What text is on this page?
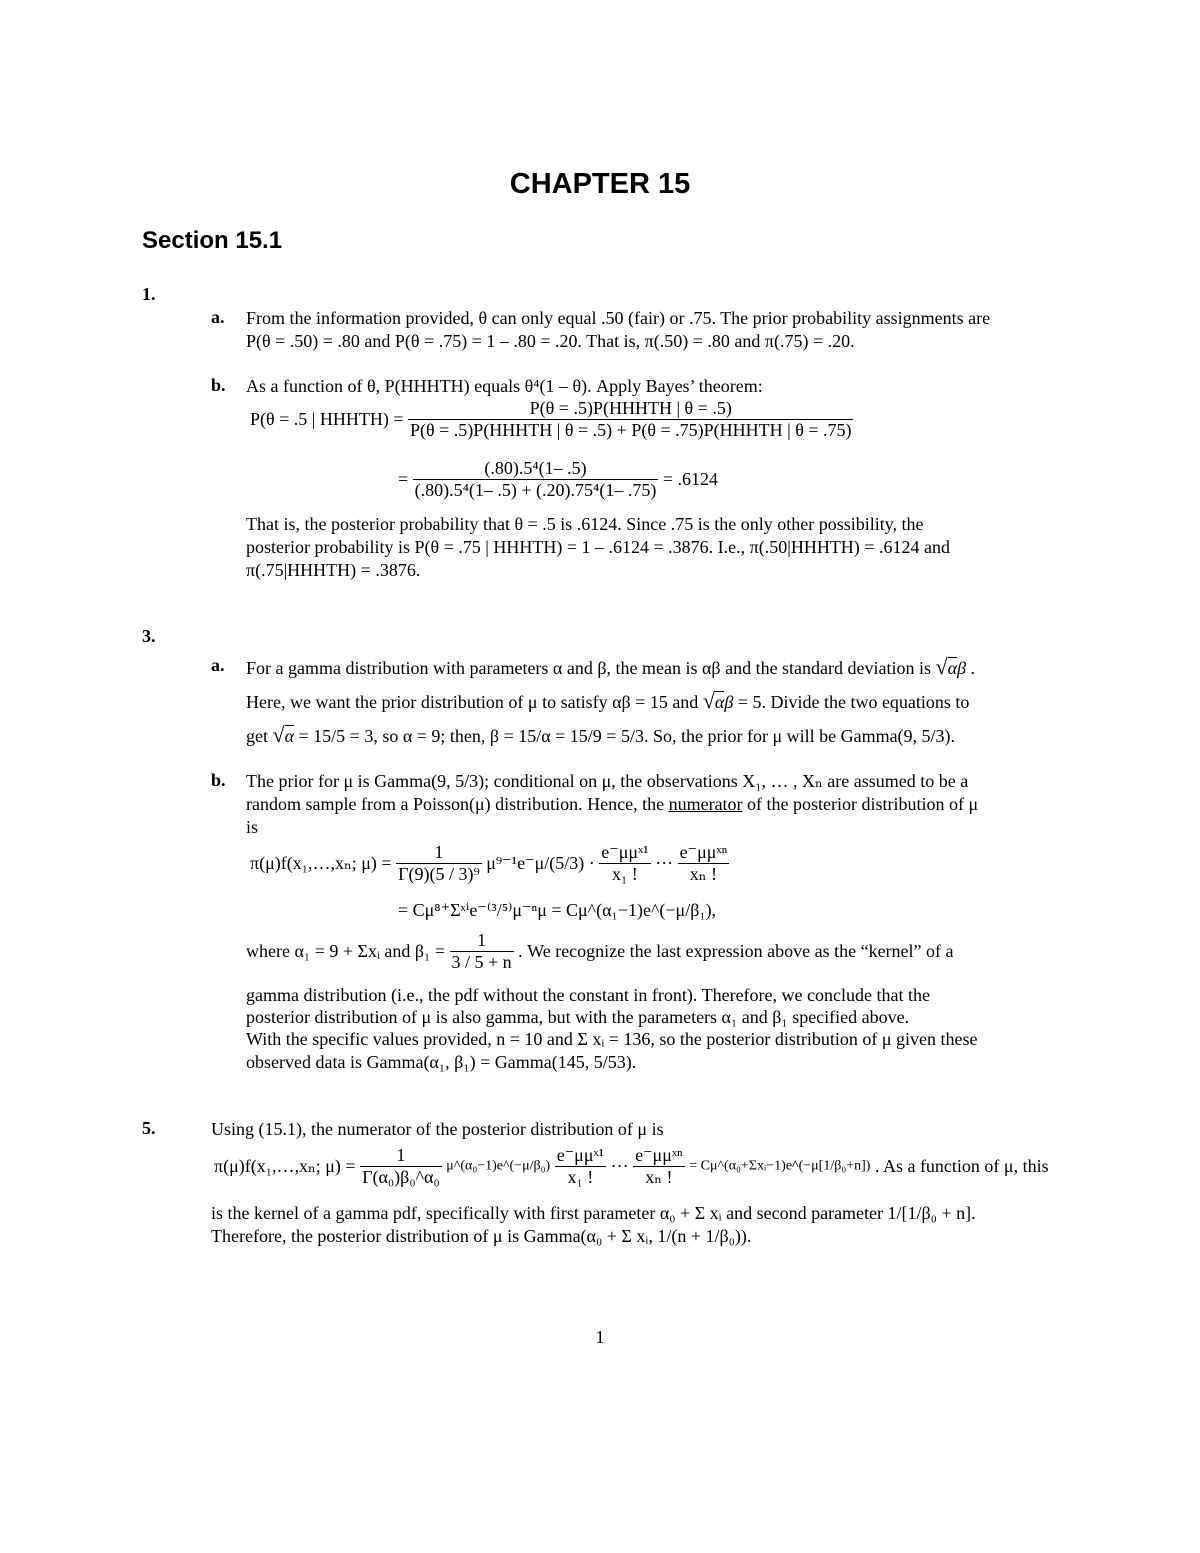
CHAPTER 15
Section 15.1
1.
a. From the information provided, θ can only equal .50 (fair) or .75. The prior probability assignments are
P(θ = .50) = .80 and P(θ = .75) = 1 – .80 = .20. That is, π(.50) = .80 and π(.75) = .20.
b. As a function of θ, P(HHHTH) equals θ⁴(1 – θ). Apply Bayes’ theorem:
P(θ = .5 | HHHTH) = $\frac{\text{P(θ = .5)P(HHHTH | θ = .5)}}{\text{P(θ = .5)P(HHHTH | θ = .5) + P(θ = .75)P(HHHTH | θ = .75)}}$
= $\frac{\text{(.80).5⁴(1– .5)}}{\text{(.80).5⁴(1– .5) + (.20).75⁴(1– .75)}} = .6124$
That is, the posterior probability that θ = .5 is .6124. Since .75 is the only other possibility, the
posterior probability is P(θ = .75 | HHHTH) = 1 – .6124 = .3876. I.e., π(.50|HHHTH) = .6124 and
π(.75|HHHTH) = .3876.
3.
a. For a gamma distribution with parameters α and β, the mean is αβ and the standard deviation is √αβ .
Here, we want the prior distribution of μ to satisfy αβ = 15 and √αβ = 5. Divide the two equations to
get √α = 15/5 = 3, so α = 9; then, β = 15/α = 15/9 = 5/3. So, the prior for μ will be Gamma(9, 5/3).
b. The prior for μ is Gamma(9, 5/3); conditional on μ, the observations X₁, … , Xₙ are assumed to be a
random sample from a Poisson(μ) distribution. Hence, the numerator of the posterior distribution of μ
is
π(μ)f(x₁,…,xₙ; $\mu) = \frac{1}{\text{Γ(9)(5 / 3)⁹}} \mu^{9-1}e^-\mu/(5/3) \cdot \frac{\text{e⁻μμˣ¹}}{\text{x₁ !}}$ ··· $\frac{\text{e⁻μμˣⁿ}}{\text{xₙ !}}$
= Cμ⁸⁺Σˣⁱe⁻⁽³/⁵⁾μ⁻ⁿμ = Cμ^(α₁−1)e^(−μ/β₁),
where α₁ = 9 + Σxᵢ and $\beta_1 = \frac{1}{3 / 5 + n}$ . We recognize the last expression above as the “kernel” of a
gamma distribution (i.e., the pdf without the constant in front). Therefore, we conclude that the
posterior distribution of μ is also gamma, but with the parameters α₁ and β₁ specified above.
With the specific values provided, n = 10 and Σ xᵢ = 136, so the posterior distribution of μ given these
observed data is Gamma(α₁, β₁) = Gamma(145, 5/53).
5.	Using (15.1), the numerator of the posterior distribution of μ is
π(μ)f(x₁,…,xₙ; $\mu) = \frac{1}{\text{Γ(α₀)β₀\textasciicircum{}α₀}}$ μ^(α₀−1)e^(−μ/β₀) $\frac{\text{e⁻μμˣ¹}}{\text{x₁ !}}$ ··· $\frac{\text{e⁻μμˣⁿ}}{\text{xₙ !}}$ = Cμ^(α₀+Σxᵢ−1)e^(−μ[1/β₀+n]) . As a function of μ, this
is the kernel of a gamma pdf, specifically with first parameter α₀ + Σ xᵢ and second parameter 1/[1/β₀ + n].
Therefore, the posterior distribution of μ is Gamma(α₀ + Σ xᵢ, 1/(n + 1/β₀)).
1
